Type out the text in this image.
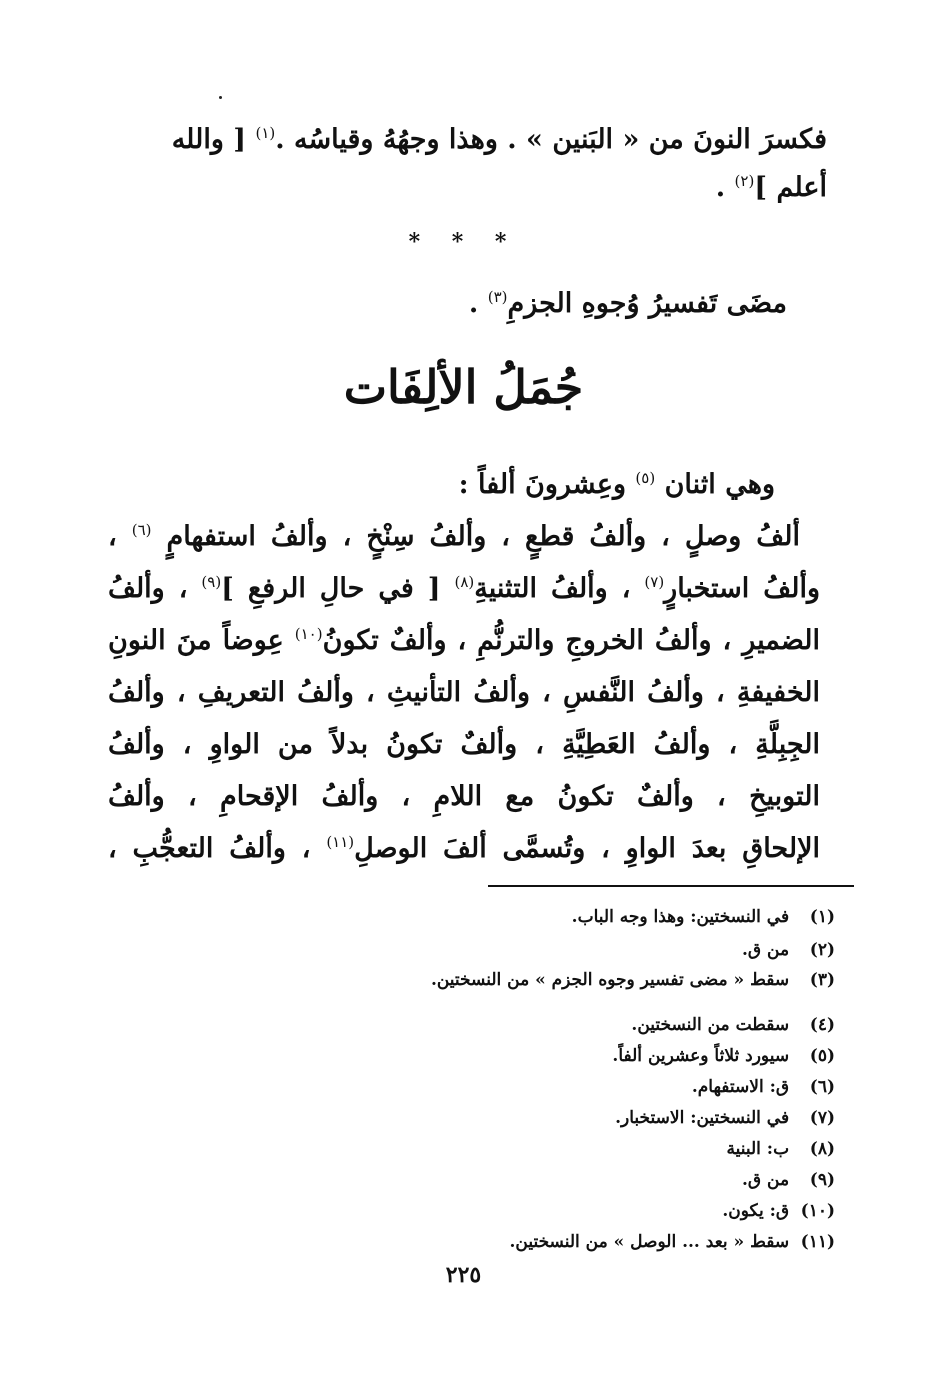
فكسرَ النونَ من « البَنين » . وهذا وجهُهُ وقياسُه .$^{(١)}$ [ والله
أعلم ]$^{(٢)}$ .
* * *
مضَى تَفسيرُ وُجوهِ الجزمِ$^{(٣)}$ .
جُمَلُ الألِفَات
وهي اثنان $^{(٥)}$ وعِشرونَ ألفاً :
ألفُ وصلٍ ، وألفُ قطعٍ ، وألفُ سِنْخٍ ، وألفُ استفهامٍ $^{(٦)}$ ،
وألفُ استخبارٍ$^{(٧)}$ ، وألفُ التثنيةِ$^{(٨)}$ [ في حالِ الرفعِ ]$^{(٩)}$ ، وألفُ
الضميرِ ، وألفُ الخروجِ والترنُّمِ ، وألفٌ تكونُ$^{(١٠)}$ عِوضاً منَ النونِ
الخفيفةِ ، وألفُ النَّفسِ ، وألفُ التأنيثِ ، وألفُ التعريفِ ، وألفُ
الجِبِلَّةِ ، وألفُ العَطِيَّةِ ، وألفٌ تكونُ بدلاً من الواوِ ، وألفُ
التوبيخِ ، وألفٌ تكونُ مع اللامِ ، وألفُ الإقحامِ ، وألفُ
الإلحاقِ بعدَ الواوِ ، وتُسمَّى ألفَ الوصلِ$^{(١١)}$ ، وألفُ التعجُّبِ ،
(١) في النسختين: وهذا وجه الباب.
(٢) من ق.
(٣) سقط « مضى تفسير وجوه الجزم » من النسختين.
(٤) سقطت من النسختين.
(٥) سيورد ثلاثاً وعشرين ألفاً.
(٦) ق: الاستفهام.
(٧) في النسختين: الاستخبار.
(٨) ب: البنية
(٩) من ق.
(١٠) ق: يكون.
(١١) سقط « بعد ... الوصل » من النسختين.
٢٢٥
